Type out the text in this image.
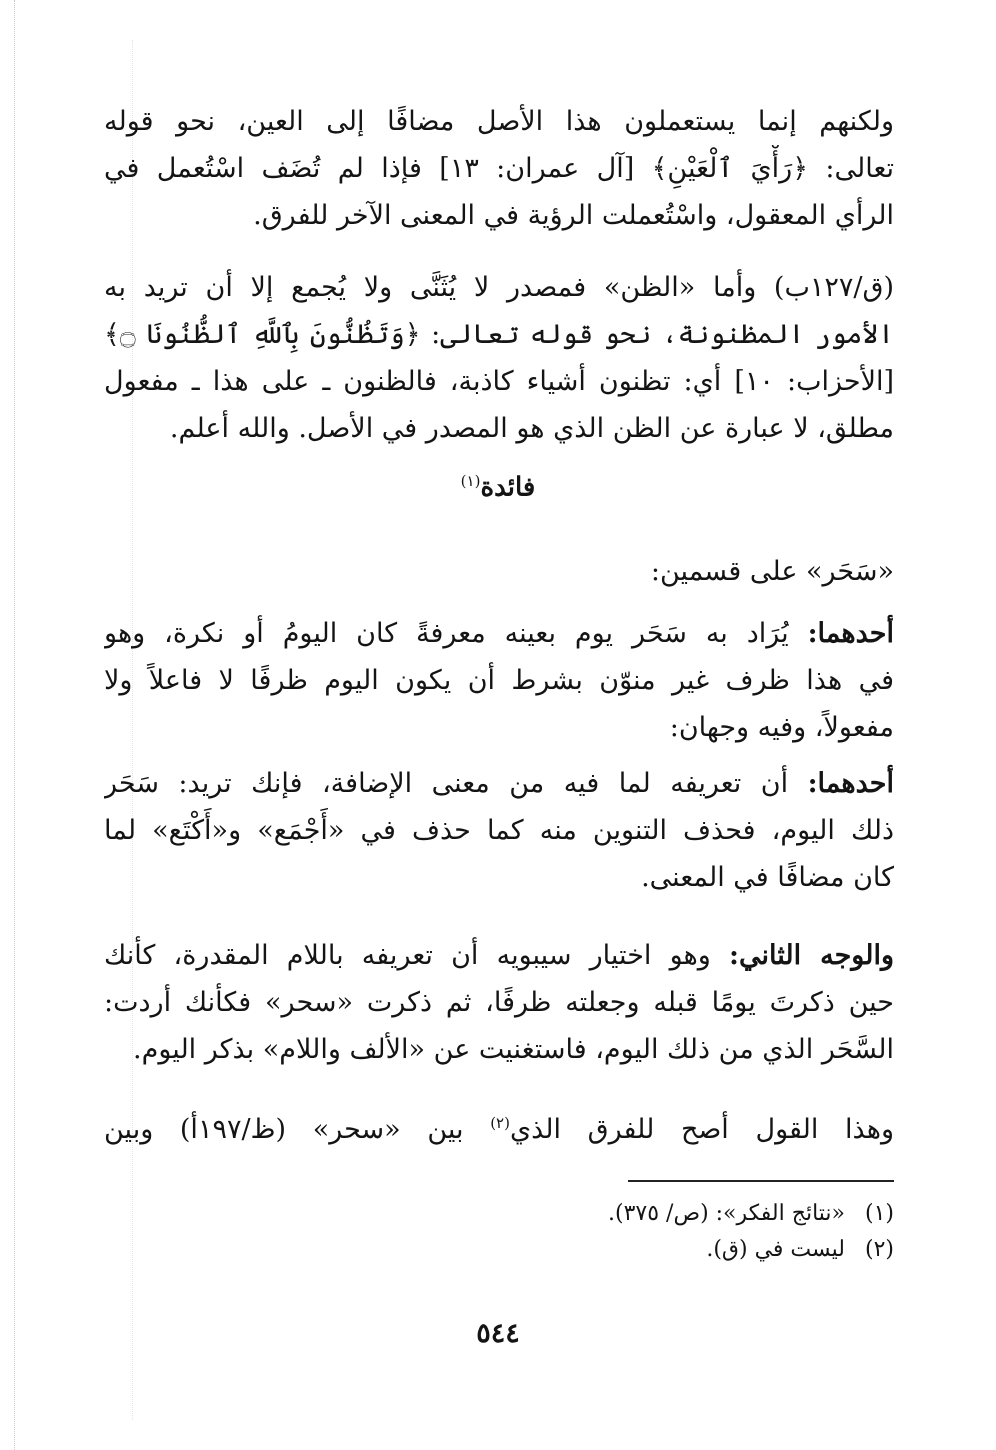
ولكنهم إنما يستعملون هذا الأصل مضافًا إلى العين، نحو قوله
تعالى: ﴿رَأْيَ ٱلْعَيْنِ﴾ [آل عمران: ١٣] فإذا لم تُضَف اسْتُعمل في
الرأي المعقول، واسْتُعملت الرؤية في المعنى الآخر للفرق.
(ق/١٢٧ب) وأما «الظن» فمصدر لا يُثَنَّى ولا يُجمع إلا أن تريد به
الأمور المظنونة، نحو قوله تعالى: ﴿وَتَظُنُّونَ بِٱللَّهِ ٱلظُّنُونَا ۝﴾
[الأحزاب: ١٠] أي: تظنون أشياء كاذبة، فالظنون ـ على هذا ـ مفعول
مطلق، لا عبارة عن الظن الذي هو المصدر في الأصل. والله أعلم.
فائدة$^{(١)}$
«سَحَر» على قسمين:
أحدهما: يُرَاد به سَحَر يوم بعينه معرفةً كان اليومُ أو نكرة، وهو
في هذا ظرف غير منوّن بشرط أن يكون اليوم ظرفًا لا فاعلاً ولا
مفعولاً، وفيه وجهان:
أحدهما: أن تعريفه لما فيه من معنى الإضافة، فإنك تريد: سَحَر
ذلك اليوم، فحذف التنوين منه كما حذف في «أَجْمَع» و«أَكْتَع» لما
كان مضافًا في المعنى.
والوجه الثاني: وهو اختيار سيبويه أن تعريفه باللام المقدرة، كأنك
حين ذكرتَ يومًا قبله وجعلته ظرفًا، ثم ذكرت «سحر» فكأنك أردت:
السَّحَر الذي من ذلك اليوم، فاستغنيت عن «الألف واللام» بذكر اليوم.
وهذا القول أصح للفرق الذي$^{(٢)}$ بين «سحر» (ظ/١٩٧أ) وبين
(١) «نتائج الفكر»: (ص/ ٣٧٥).
(٢) ليست في (ق).
٥٤٤
